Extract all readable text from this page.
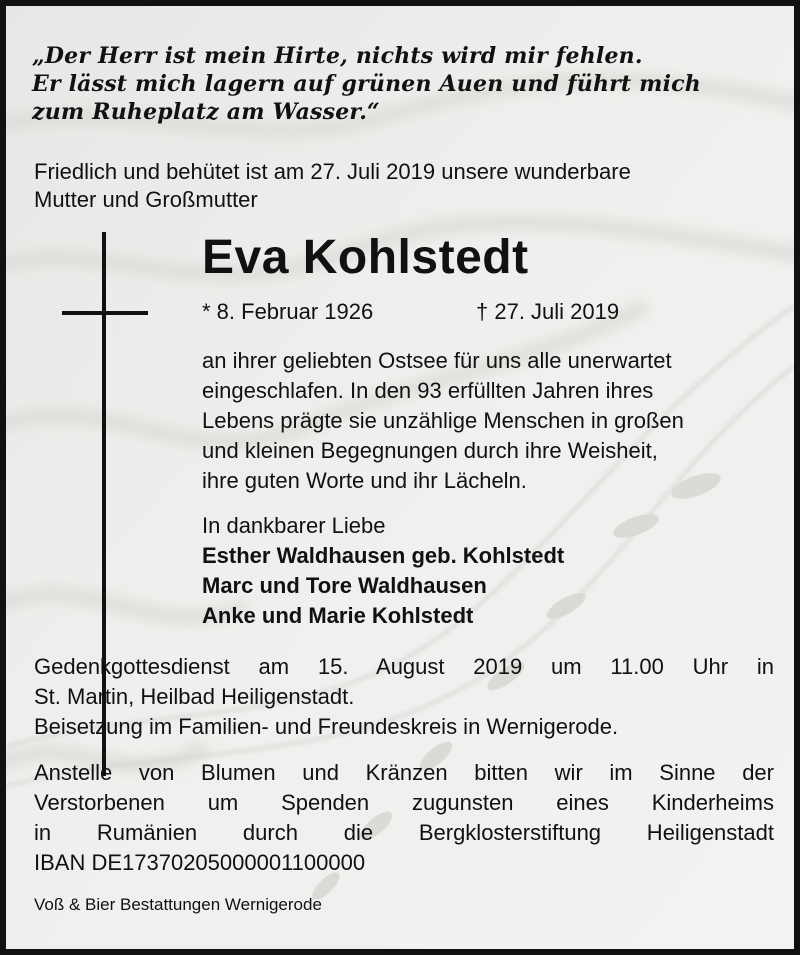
„Der Herr ist mein Hirte, nichts wird mir fehlen.
Er lässt mich lagern auf grünen Auen und führt mich
zum Ruheplatz am Wasser.“
Friedlich und behütet ist am 27. Juli 2019 unsere wunderbare
Mutter und Großmutter
Eva Kohlstedt
* 8. Februar 1926	† 27. Juli 2019
an ihrer geliebten Ostsee für uns alle unerwartet
eingeschlafen. In den 93 erfüllten Jahren ihres
Lebens prägte sie unzählige Menschen in großen
und kleinen Begegnungen durch ihre Weisheit,
ihre guten Worte und ihr Lächeln.
In dankbarer Liebe
Esther Waldhausen geb. Kohlstedt
Marc und Tore Waldhausen
Anke und Marie Kohlstedt
Gedenkgottesdienst am 15. August 2019 um 11.00 Uhr in
St. Martin, Heilbad Heiligenstadt.
Beisetzung im Familien- und Freundeskreis in Wernigerode.
Anstelle von Blumen und Kränzen bitten wir im Sinne der
Verstorbenen um Spenden zugunsten eines Kinderheims
in Rumänien durch die Bergklosterstiftung Heiligenstadt
IBAN DE17370205000001100000
Voß & Bier Bestattungen Wernigerode
